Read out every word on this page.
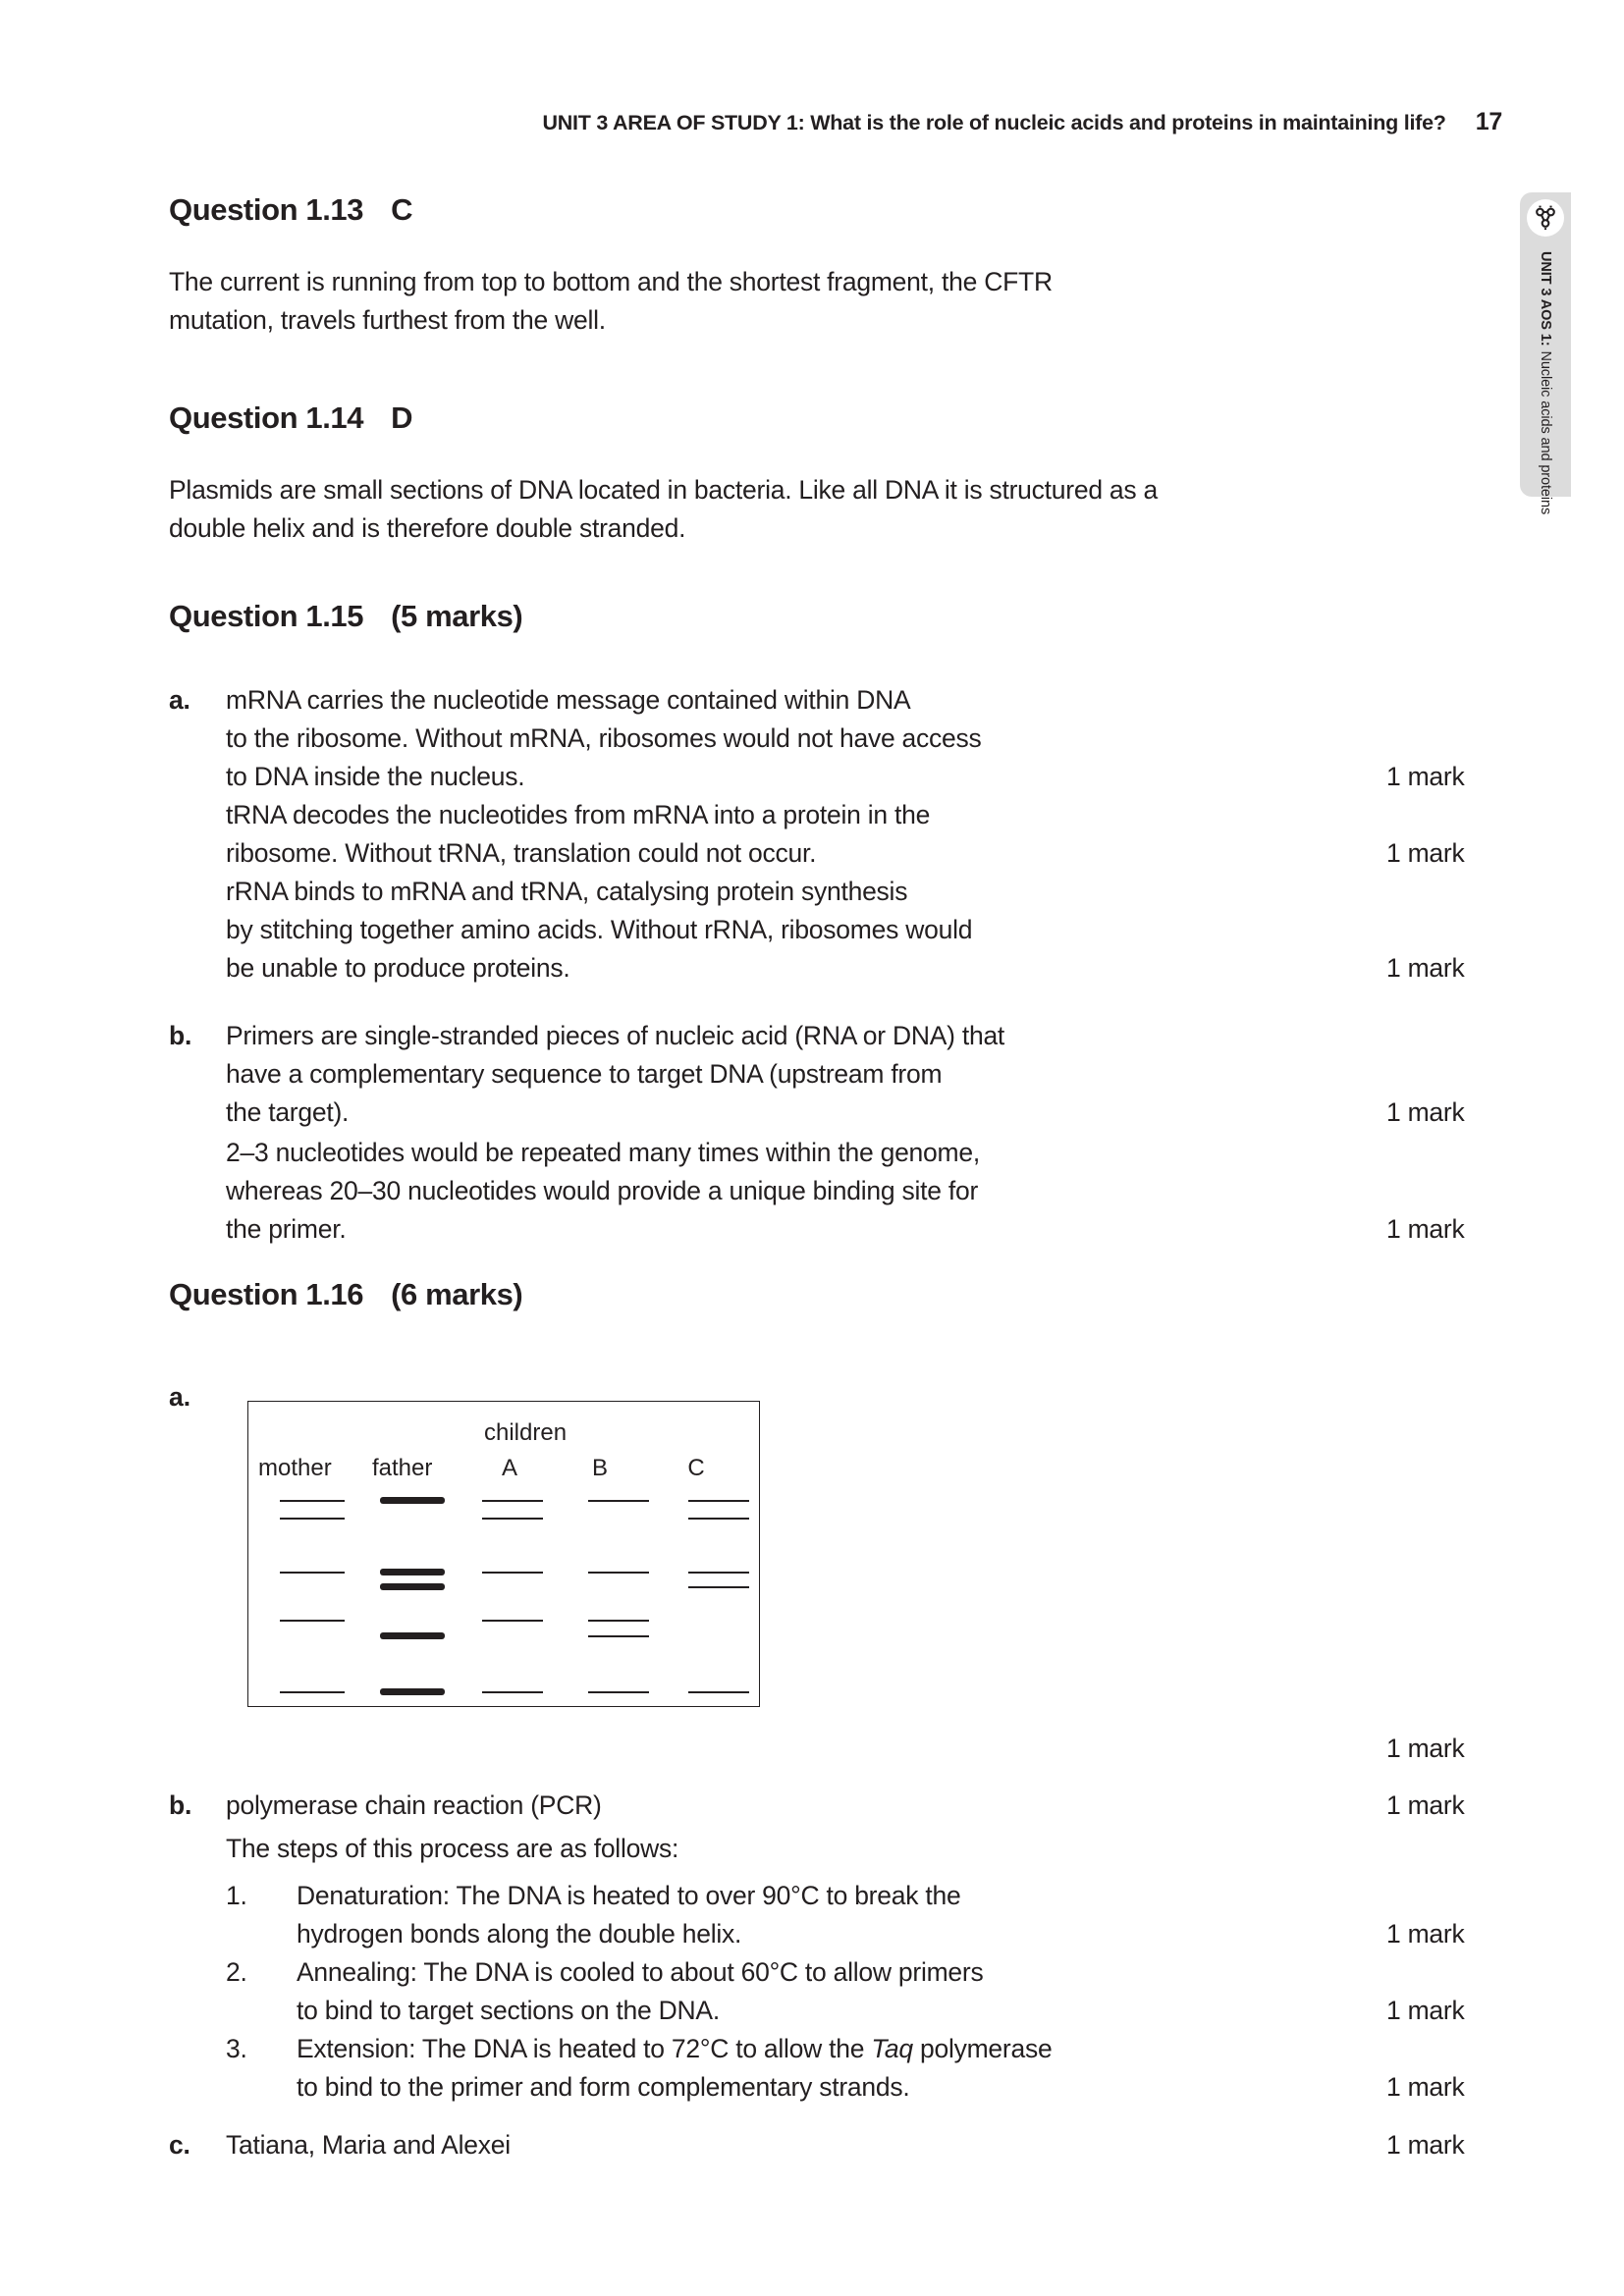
UNIT 3 AREA OF STUDY 1: What is the role of nucleic acids and proteins in maintaining life? 17
UNIT 3 AOS 1:
Nucleic acids and proteins
Question 1.13 C

The current is running from top to bottom and the shortest fragment, the CFTR
mutation, travels furthest from the well.

Question 1.14 D

Plasmids are small sections of DNA located in bacteria. Like all DNA it is structured as a
double helix and is therefore double stranded.

Question 1.15 (5 marks)
a.	mRNA carries the nucleotide message contained within DNA
to the ribosome. Without mRNA, ribosomes would not have access
to DNA inside the nucleus.	1 mark
tRNA decodes the nucleotides from mRNA into a protein in the
ribosome. Without tRNA, translation could not occur.	1 mark
rRNA binds to mRNA and tRNA, catalysing protein synthesis
by stitching together amino acids. Without rRNA, ribosomes would
be unable to produce proteins.	1 mark
b.	Primers are single-stranded pieces of nucleic acid (RNA or DNA) that
have a complementary sequence to target DNA (upstream from
the target).	1 mark
2–3 nucleotides would be repeated many times within the genome,
whereas 20–30 nucleotides would provide a unique binding site for
the primer.	1 mark
Question 1.16 (6 marks)
a.
children
mother	father	A	B	C
1 mark
b.	polymerase chain reaction (PCR)	1 mark
The steps of this process are as follows:
1.	Denaturation: The DNA is heated to over 90°C to break the
hydrogen bonds along the double helix.	1 mark
2.	Annealing: The DNA is cooled to about 60°C to allow primers
to bind to target sections on the DNA.	1 mark
3.	Extension: The DNA is heated to 72°C to allow the Taq polymerase
to bind to the primer and form complementary strands.	1 mark
c.	Tatiana, Maria and Alexei	1 mark
